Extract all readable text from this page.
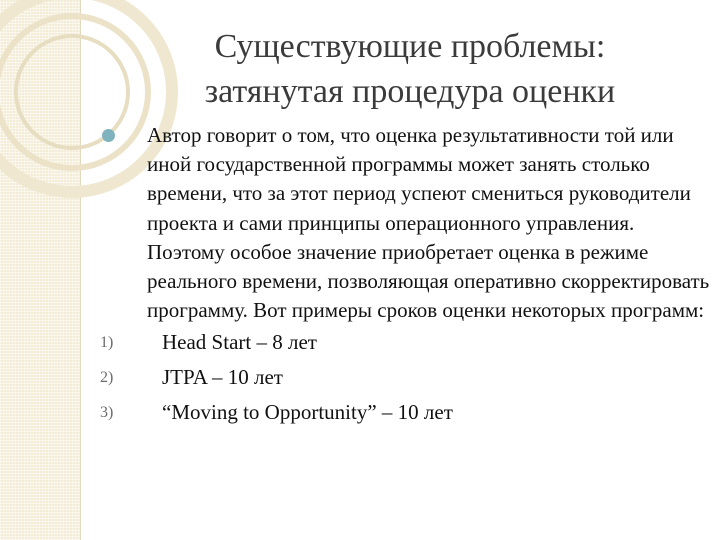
Существующие проблемы:
затянутая процедура оценки

Автор говорит о том, что оценка результативности той или иной государственной программы может занять столько времени, что за этот период успеют смениться руководители проекта и сами принципы операционного управления. Поэтому особое значение приобретает оценка в режиме реального времени, позволяющая оперативно скорректировать программу. Вот примеры сроков оценки некоторых программ:

1)	Head Start – 8 лет
2)	JTPA – 10 лет
3)	“Moving to Opportunity” – 10 лет
